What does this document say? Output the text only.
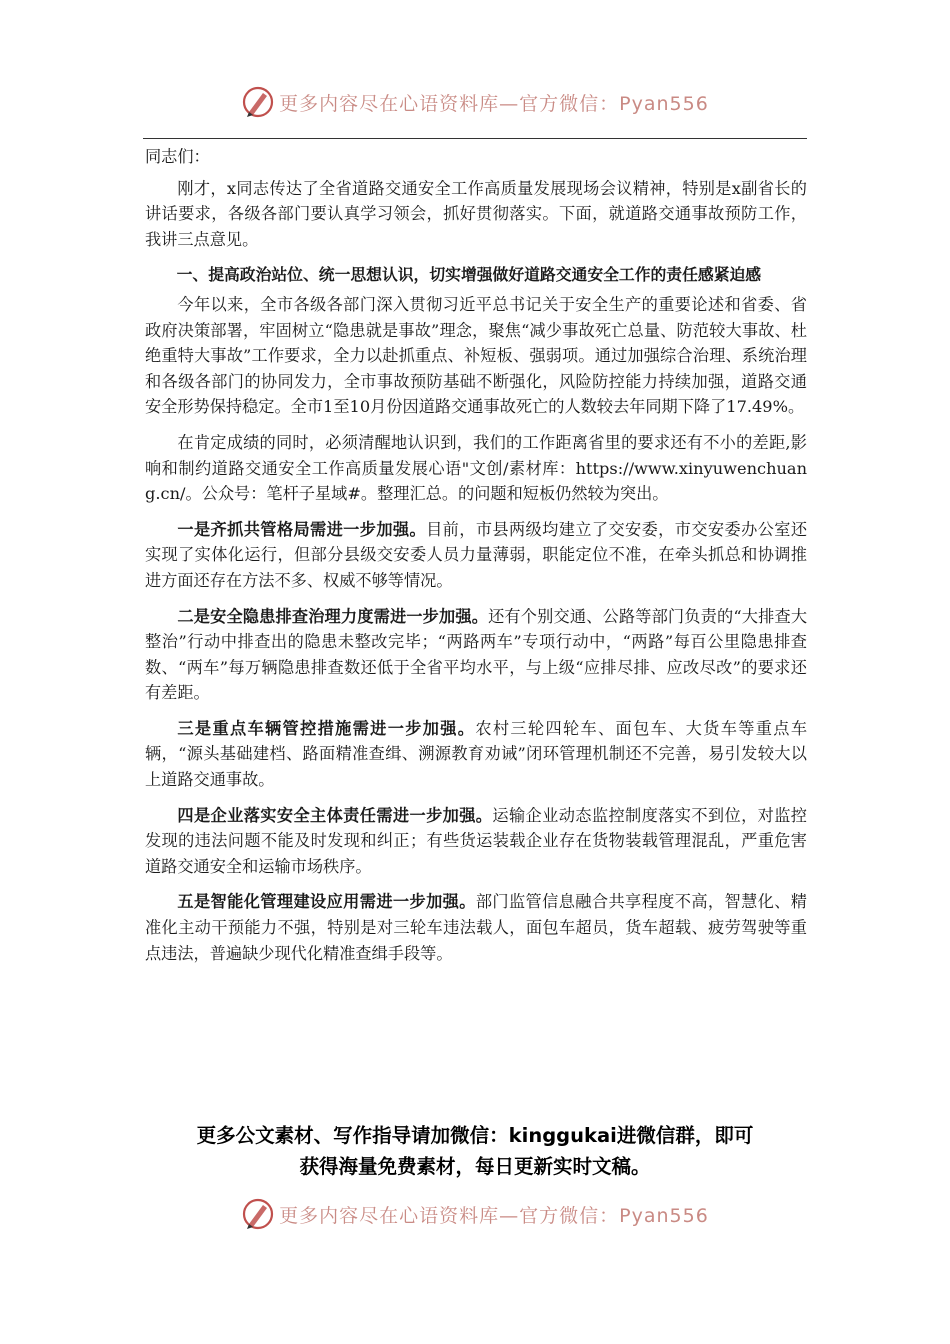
更多内容尽在心语资料库—官方微信：Pyan556

同志们：

刚才，x同志传达了全省道路交通安全工作高质量发展现场会议精神，特别是x副省长的讲话要求，各级各部门要认真学习领会，抓好贯彻落实。下面，就道路交通事故预防工作，我讲三点意见。

一、提高政治站位、统一思想认识，切实增强做好道路交通安全工作的责任感紧迫感

今年以来，全市各级各部门深入贯彻习近平总书记关于安全生产的重要论述和省委、省政府决策部署，牢固树立“隐患就是事故”理念，聚焦“减少事故死亡总量、防范较大事故、杜绝重特大事故”工作要求，全力以赴抓重点、补短板、强弱项。通过加强综合治理、系统治理和各级各部门的协同发力，全市事故预防基础不断强化，风险防控能力持续加强，道路交通安全形势保持稳定。全市1至10月份因道路交通事故死亡的人数较去年同期下降了17.49%。

在肯定成绩的同时，必须清醒地认识到，我们的工作距离省里的要求还有不小的差距,影响和制约道路交通安全工作高质量发展心语"文创/素材库：https://www.xinyuwenchuang.cn/。公众号：笔杆子星域#。整理汇总。的问题和短板仍然较为突出。

一是齐抓共管格局需进一步加强。目前，市县两级均建立了交安委，市交安委办公室还实现了实体化运行，但部分县级交安委人员力量薄弱，职能定位不准，在牵头抓总和协调推进方面还存在方法不多、权威不够等情况。

二是安全隐患排查治理力度需进一步加强。还有个别交通、公路等部门负责的“大排查大整治”行动中排查出的隐患未整改完毕；“两路两车”专项行动中，“两路”每百公里隐患排查数、“两车”每万辆隐患排查数还低于全省平均水平，与上级“应排尽排、应改尽改”的要求还有差距。

三是重点车辆管控措施需进一步加强。农村三轮四轮车、面包车、大货车等重点车辆，“源头基础建档、路面精准查缉、溯源教育劝诫”闭环管理机制还不完善，易引发较大以上道路交通事故。

四是企业落实安全主体责任需进一步加强。运输企业动态监控制度落实不到位，对监控发现的违法问题不能及时发现和纠正；有些货运装载企业存在货物装载管理混乱，严重危害道路交通安全和运输市场秩序。

五是智能化管理建设应用需进一步加强。部门监管信息融合共享程度不高，智慧化、精准化主动干预能力不强，特别是对三轮车违法载人，面包车超员，货车超载、疲劳驾驶等重点违法，普遍缺少现代化精准查缉手段等。

更多公文素材、写作指导请加微信：kinggukai进微信群，即可
获得海量免费素材，每日更新实时文稿。
更多内容尽在心语资料库—官方微信：Pyan556
